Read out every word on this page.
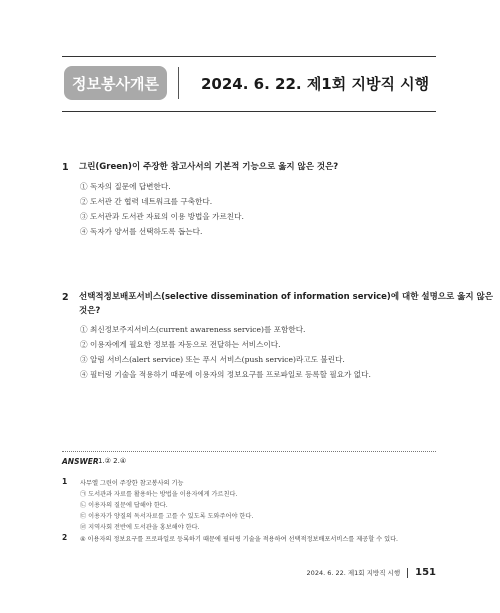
정보봉사개론	2024. 6. 22. 제1회 지방직 시행
1 그린(Green)이 주장한 참고사서의 기본적 기능으로 옳지 않은 것은?
① 독자의 질문에 답변한다.
② 도서관 간 협력 네트워크를 구축한다.
③ 도서관과 도서관 자료의 이용 방법을 가르친다.
④ 독자가 양서를 선택하도록 돕는다.
2 선택적정보배포서비스(selective dissemination of information service)에 대한 설명으로 옳지 않은
것은?
① 최신정보주지서비스(current awareness service)를 포함한다.
② 이용자에게 필요한 정보를 자동으로 전달하는 서비스이다.
③ 알림 서비스(alert service) 또는 푸시 서비스(push service)라고도 불린다.
④ 필터링 기술을 적용하기 때문에 이용자의 정보요구를 프로파일로 등록할 필요가 없다.
ANSWER 1.② 2.④
1 사무엘 그린이 주장한 참고봉사의 기능
㉠ 도서관과 자료를 활용하는 방법을 이용자에게 가르친다.
㉡ 이용자의 질문에 답해야 한다.
㉢ 이용자가 양질의 독서자료를 고를 수 있도록 도와주어야 한다.
㉣ 지역사회 전반에 도서관을 홍보해야 한다.
2 ④ 이용자의 정보요구를 프로파일로 등록하기 때문에 필터링 기술을 적용하여 선택적정보배포서비스를 제공할 수 있다.
2024. 6. 22. 제1회 지방직 시행 151
